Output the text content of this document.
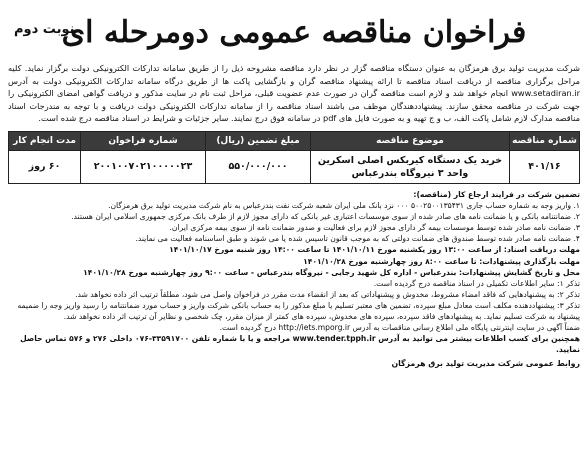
فراخوان مناقصه عمومی دومرحله ای
نوبت دوم

شرکت مدیریت تولید برق هرمزگان به عنوان دستگاه مناقصه گزار در نظر دارد مناقصه مشروحه ذیل را از طریق سامانه تدارکات الکترونیکی دولت برگزار نماید. کلیه مراحل برگزاری مناقصه از دریافت اسناد مناقصه تا ارائه پیشنهاد مناقصه گران و بازگشایی پاکت ها از طریق درگاه سامانه تدارکات الکترونیکی دولت به آدرس www.setadiran.ir انجام خواهد شد و لازم است مناقصه گران در صورت عدم عضویت قبلی، مراحل ثبت نام در سایت مذکور و دریافت گواهی امضای الکترونیکی را جهت شرکت در مناقصه محقق سازند. پیشنهاددهندگان موظف می باشند اسناد مناقصه را از سامانه تدارکات الکترونیکی دولت دریافت و با توجه به مندرجات اسناد مناقصه مدارک لازم شامل پاکت الف، ب و ج تهیه و به صورت فایل های pdf در سامانه فوق درج نمایند. سایر جزئیات و شرایط در اسناد مناقصه درج شده است.

شماره مناقصه	موضوع مناقصه	مبلغ تضمین (ریال)	شماره فراخوان	مدت انجام کار
۴۰۱/۱۶	خرید یک دستگاه کیربکس اصلی اسکرین
واحد ۳ نیروگاه بندرعباس	۵۵۰/۰۰۰/۰۰۰	۲۰۰۱۰۰۷۰۲۱۰۰۰۰۰۲۳	۶۰ روز
تضمین شرکت در فرایند ارجاع کار (مناقصه):
۱. واریز وجه به شماره حساب جاری ۵۰۰۲۵۰۰۱۳۵۴۳۱ ۰۰۰ نزد بانک ملی ایران شعبه شرکت نفت بندرعباس به نام شرکت مدیریت تولید برق هرمزگان.
۲. ضمانتنامه بانکی و یا ضمانت نامه های صادر شده از سوی موسسات اعتباری غیر بانکی که دارای مجوز لازم از طرف بانک مرکزی جمهوری اسلامی ایران هستند.
۳. ضمانت نامه صادر شده توسط موسسات بیمه گر دارای مجوز لازم برای فعالیت و صدور ضمانت نامه از سوی بیمه مرکزی ایران.
۴. ضمانت نامه صادر شده توسط صندوق های ضمانت دولتی که به موجب قانون تاسیس شده یا می شوند و طبق اساسنامه فعالیت می نمایند.
مهلت دریافت اسناد: از ساعت ۱۳:۰۰ روز یکشنبه مورخ ۱۴۰۱/۱۰/۱۱ تا ساعت ۱۴:۰۰ روز شنبه مورخ ۱۴۰۱/۱۰/۱۷
مهلت بارگذاری پیشنهادات: تا ساعت ۸:۰۰ روز چهارشنبه مورخ ۱۴۰۱/۱۰/۲۸
محل و تاریخ گشایش پیشنهادات: بندرعباس - اداره کل شهید رجایی - نیروگاه بندرعباس - ساعت ۹:۰۰ روز چهارشنبه مورخ ۱۴۰۱/۱۰/۲۸
تذکر ۱: سایر اطلاعات تکمیلی در اسناد مناقصه درج گردیده است.
تذکر ۲: به پیشنهادهایی که فاقد امضاء مشروط، مخدوش و پیشنهاداتی که بعد از انقضاء مدت مقرر در فراخوان واصل می شود، مطلقاً ترتیب اثر داده نخواهد شد.
تذکر ۳: پیشنهاددهنده مکلف است معادل مبلغ سپرده، تضمین های معتبر تسلیم یا مبلغ مذکور را به حساب بانکی شرکت واریز و حساب مورد ضمانتنامه را رسید واریز وجه را ضمیمه پیشنهاد به شرکت تسلیم نماید. به پیشنهادهای فاقد سپرده، سپرده های مخدوش، سپرده های کمتر از میزان مقرر، چک شخصی و نظایر آن ترتیب اثر داده نخواهد شد.
ضمناً آگهی در سایت اینترنتی پایگاه ملی اطلاع رسانی مناقصات به آدرس http://iets.mporg.ir درج گردیده است.
همچنین برای کسب اطلاعات بیشتر می توانید به آدرس www.tender.tpph.ir مراجعه و یا با شماره تلفن ۳۳۵۹۱۷۰۰-۰۷۶ داخلی ۲۷۶ و ۵۷۶ تماس حاصل نمایید.
روابط عمومی شرکت مدیریت تولید برق هرمزگان
